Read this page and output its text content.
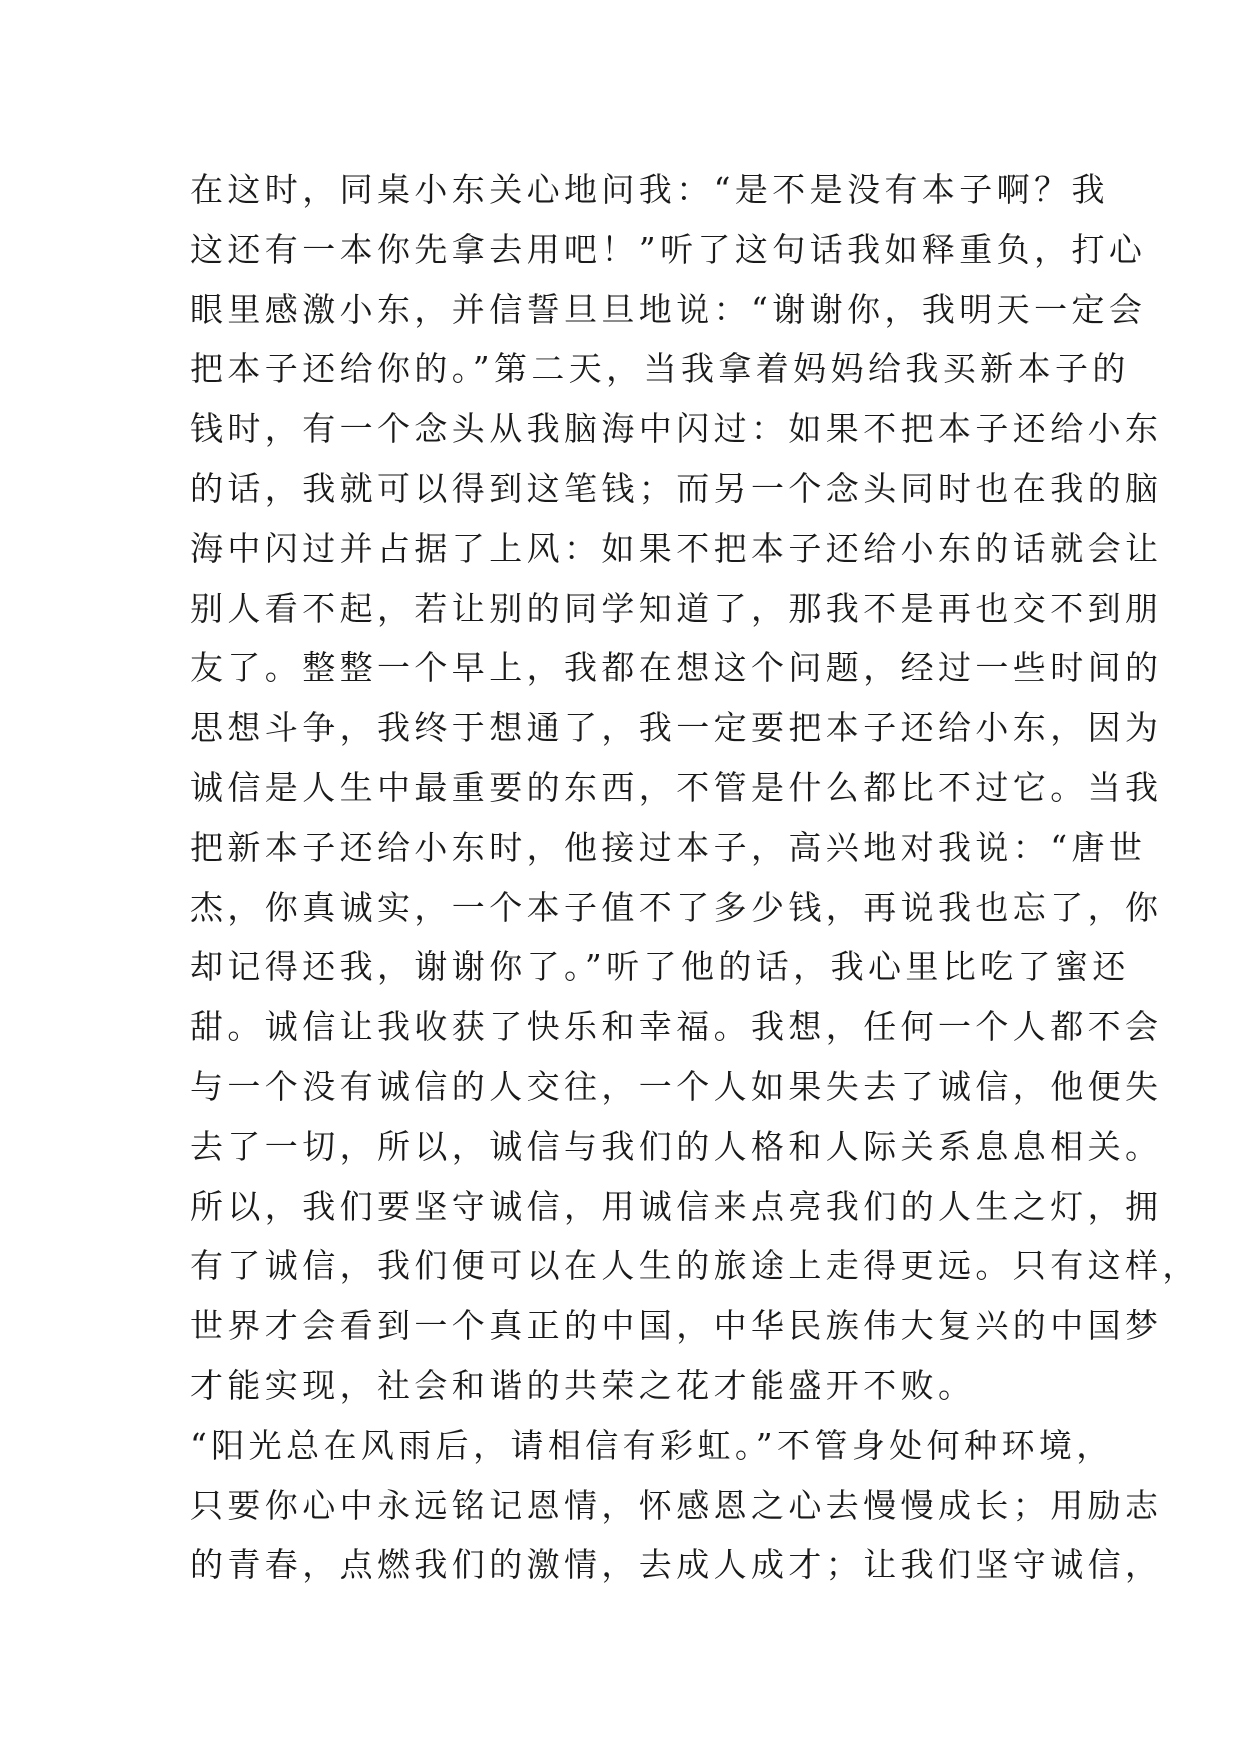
在这时，同桌小东关心地问我：“是不是没有本子啊？我
这还有一本你先拿去用吧！”听了这句话我如释重负，打心
眼里感激小东，并信誓旦旦地说：“谢谢你，我明天一定会
把本子还给你的。”第二天，当我拿着妈妈给我买新本子的
钱时，有一个念头从我脑海中闪过：如果不把本子还给小东
的话，我就可以得到这笔钱；而另一个念头同时也在我的脑
海中闪过并占据了上风：如果不把本子还给小东的话就会让
别人看不起，若让别的同学知道了，那我不是再也交不到朋
友了。整整一个早上，我都在想这个问题，经过一些时间的
思想斗争，我终于想通了，我一定要把本子还给小东，因为
诚信是人生中最重要的东西，不管是什么都比不过它。当我
把新本子还给小东时，他接过本子，高兴地对我说：“唐世
杰，你真诚实，一个本子值不了多少钱，再说我也忘了，你
却记得还我，谢谢你了。”听了他的话，我心里比吃了蜜还
甜。诚信让我收获了快乐和幸福。我想，任何一个人都不会
与一个没有诚信的人交往，一个人如果失去了诚信，他便失
去了一切，所以，诚信与我们的人格和人际关系息息相关。
所以，我们要坚守诚信，用诚信来点亮我们的人生之灯，拥
有了诚信，我们便可以在人生的旅途上走得更远。只有这样，
世界才会看到一个真正的中国，中华民族伟大复兴的中国梦
才能实现，社会和谐的共荣之花才能盛开不败。
“阳光总在风雨后，请相信有彩虹。”不管身处何种环境，
只要你心中永远铭记恩情，怀感恩之心去慢慢成长；用励志
的青春，点燃我们的激情，去成人成才；让我们坚守诚信，
